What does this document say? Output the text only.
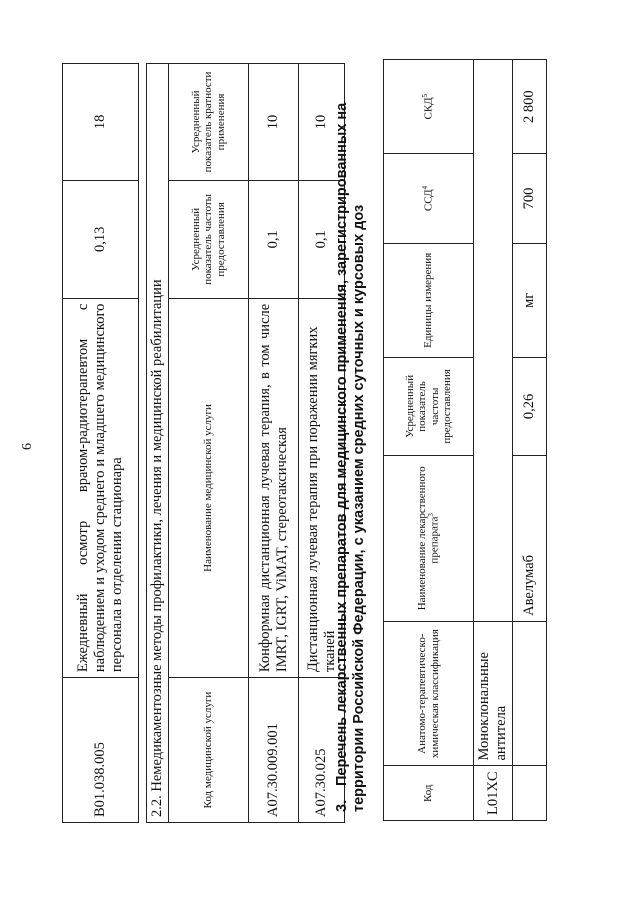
6
B01.038.005	Ежедневный осмотр врачом-радиотерапевтом с наблюдением и уходом среднего и младшего медицинского персонала в отделении стационара	0,13	18
2.2. Немедикаментозные методы профилактики, лечения и медицинской реабилитации			
Код медицинской услуги	Наименование медицинской услуги	Усредненный показатель частоты предоставления	Усредненный показатель кратности применения
A07.30.009.001	Конформная дистанционная лучевая терапия, в том числе IMRT, IGRT, ViMAT, стереотаксическая	0,1	10
A07.30.025	Дистанционная лучевая терапия при поражении мягких тканей	0,1	10
3.Перечень лекарственных препаратов для медицинского применения, зарегистрированных на территории Российской Федерации, с указанием средних суточных и курсовых доз	Код	Анатомо-терапевтическо-химическая классификация	Наименование лекарственного препарата$^3$	Усредненный показатель частоты предоставления	Единицы измерения	ССД$^4$	СКД$^5$
L01XC	Моноклональные антитела					
		Авелумаб	0,26	мг	700	2 800
